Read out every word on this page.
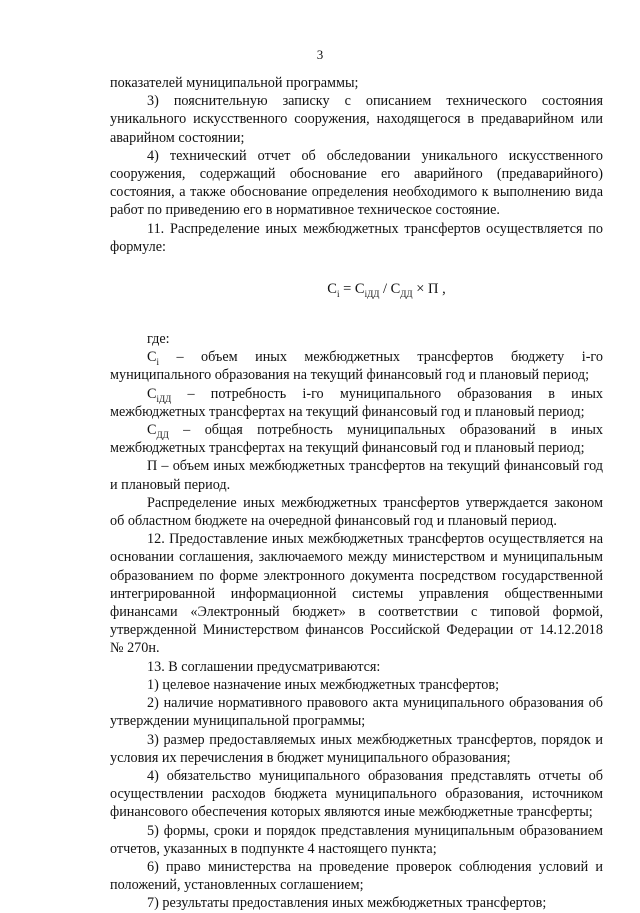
3

показателей муниципальной программы;

3) пояснительную записку с описанием технического состояния уникального искусственного сооружения, находящегося в предаварийном или аварийном состоянии;

4) технический отчет об обследовании уникального искусственного сооружения, содержащий обоснование его аварийного (предаварийного) состояния, а также обоснование определения необходимого к выполнению вида работ по приведению его в нормативное техническое состояние.

11. Распределение иных межбюджетных трансфертов осуществляется по формуле:

$C_i = C_{iДД} / C_{ДД} \times П$ ,

где:

$C_i$ – объем иных межбюджетных трансфертов бюджету i-го муниципального образования на текущий финансовый год и плановый период;

$C_{iДД}$ – потребность i-го муниципального образования в иных межбюджетных трансфертах на текущий финансовый год и плановый период;

$C_{ДД}$ – общая потребность муниципальных образований в иных межбюджетных трансфертах на текущий финансовый год и плановый период;

П – объем иных межбюджетных трансфертов на текущий финансовый год и плановый период.

Распределение иных межбюджетных трансфертов утверждается законом об областном бюджете на очередной финансовый год и плановый период.

12. Предоставление иных межбюджетных трансфертов осуществляется на основании соглашения, заключаемого между министерством и муниципальным образованием по форме электронного документа посредством государственной интегрированной информационной системы управления общественными финансами «Электронный бюджет» в соответствии с типовой формой, утвержденной Министерством финансов Российской Федерации от 14.12.2018 № 270н.

13. В соглашении предусматриваются:

1) целевое назначение иных межбюджетных трансфертов;

2) наличие нормативного правового акта муниципального образования об утверждении муниципальной программы;

3) размер предоставляемых иных межбюджетных трансфертов, порядок и условия их перечисления в бюджет муниципального образования;

4) обязательство муниципального образования представлять отчеты об осуществлении расходов бюджета муниципального образования, источником финансового обеспечения которых являются иные межбюджетные трансферты;

5) формы, сроки и порядок представления муниципальным образованием отчетов, указанных в подпункте 4 настоящего пункта;

6) право министерства на проведение проверок соблюдения условий и положений, установленных соглашением;

7) результаты предоставления иных межбюджетных трансфертов;
